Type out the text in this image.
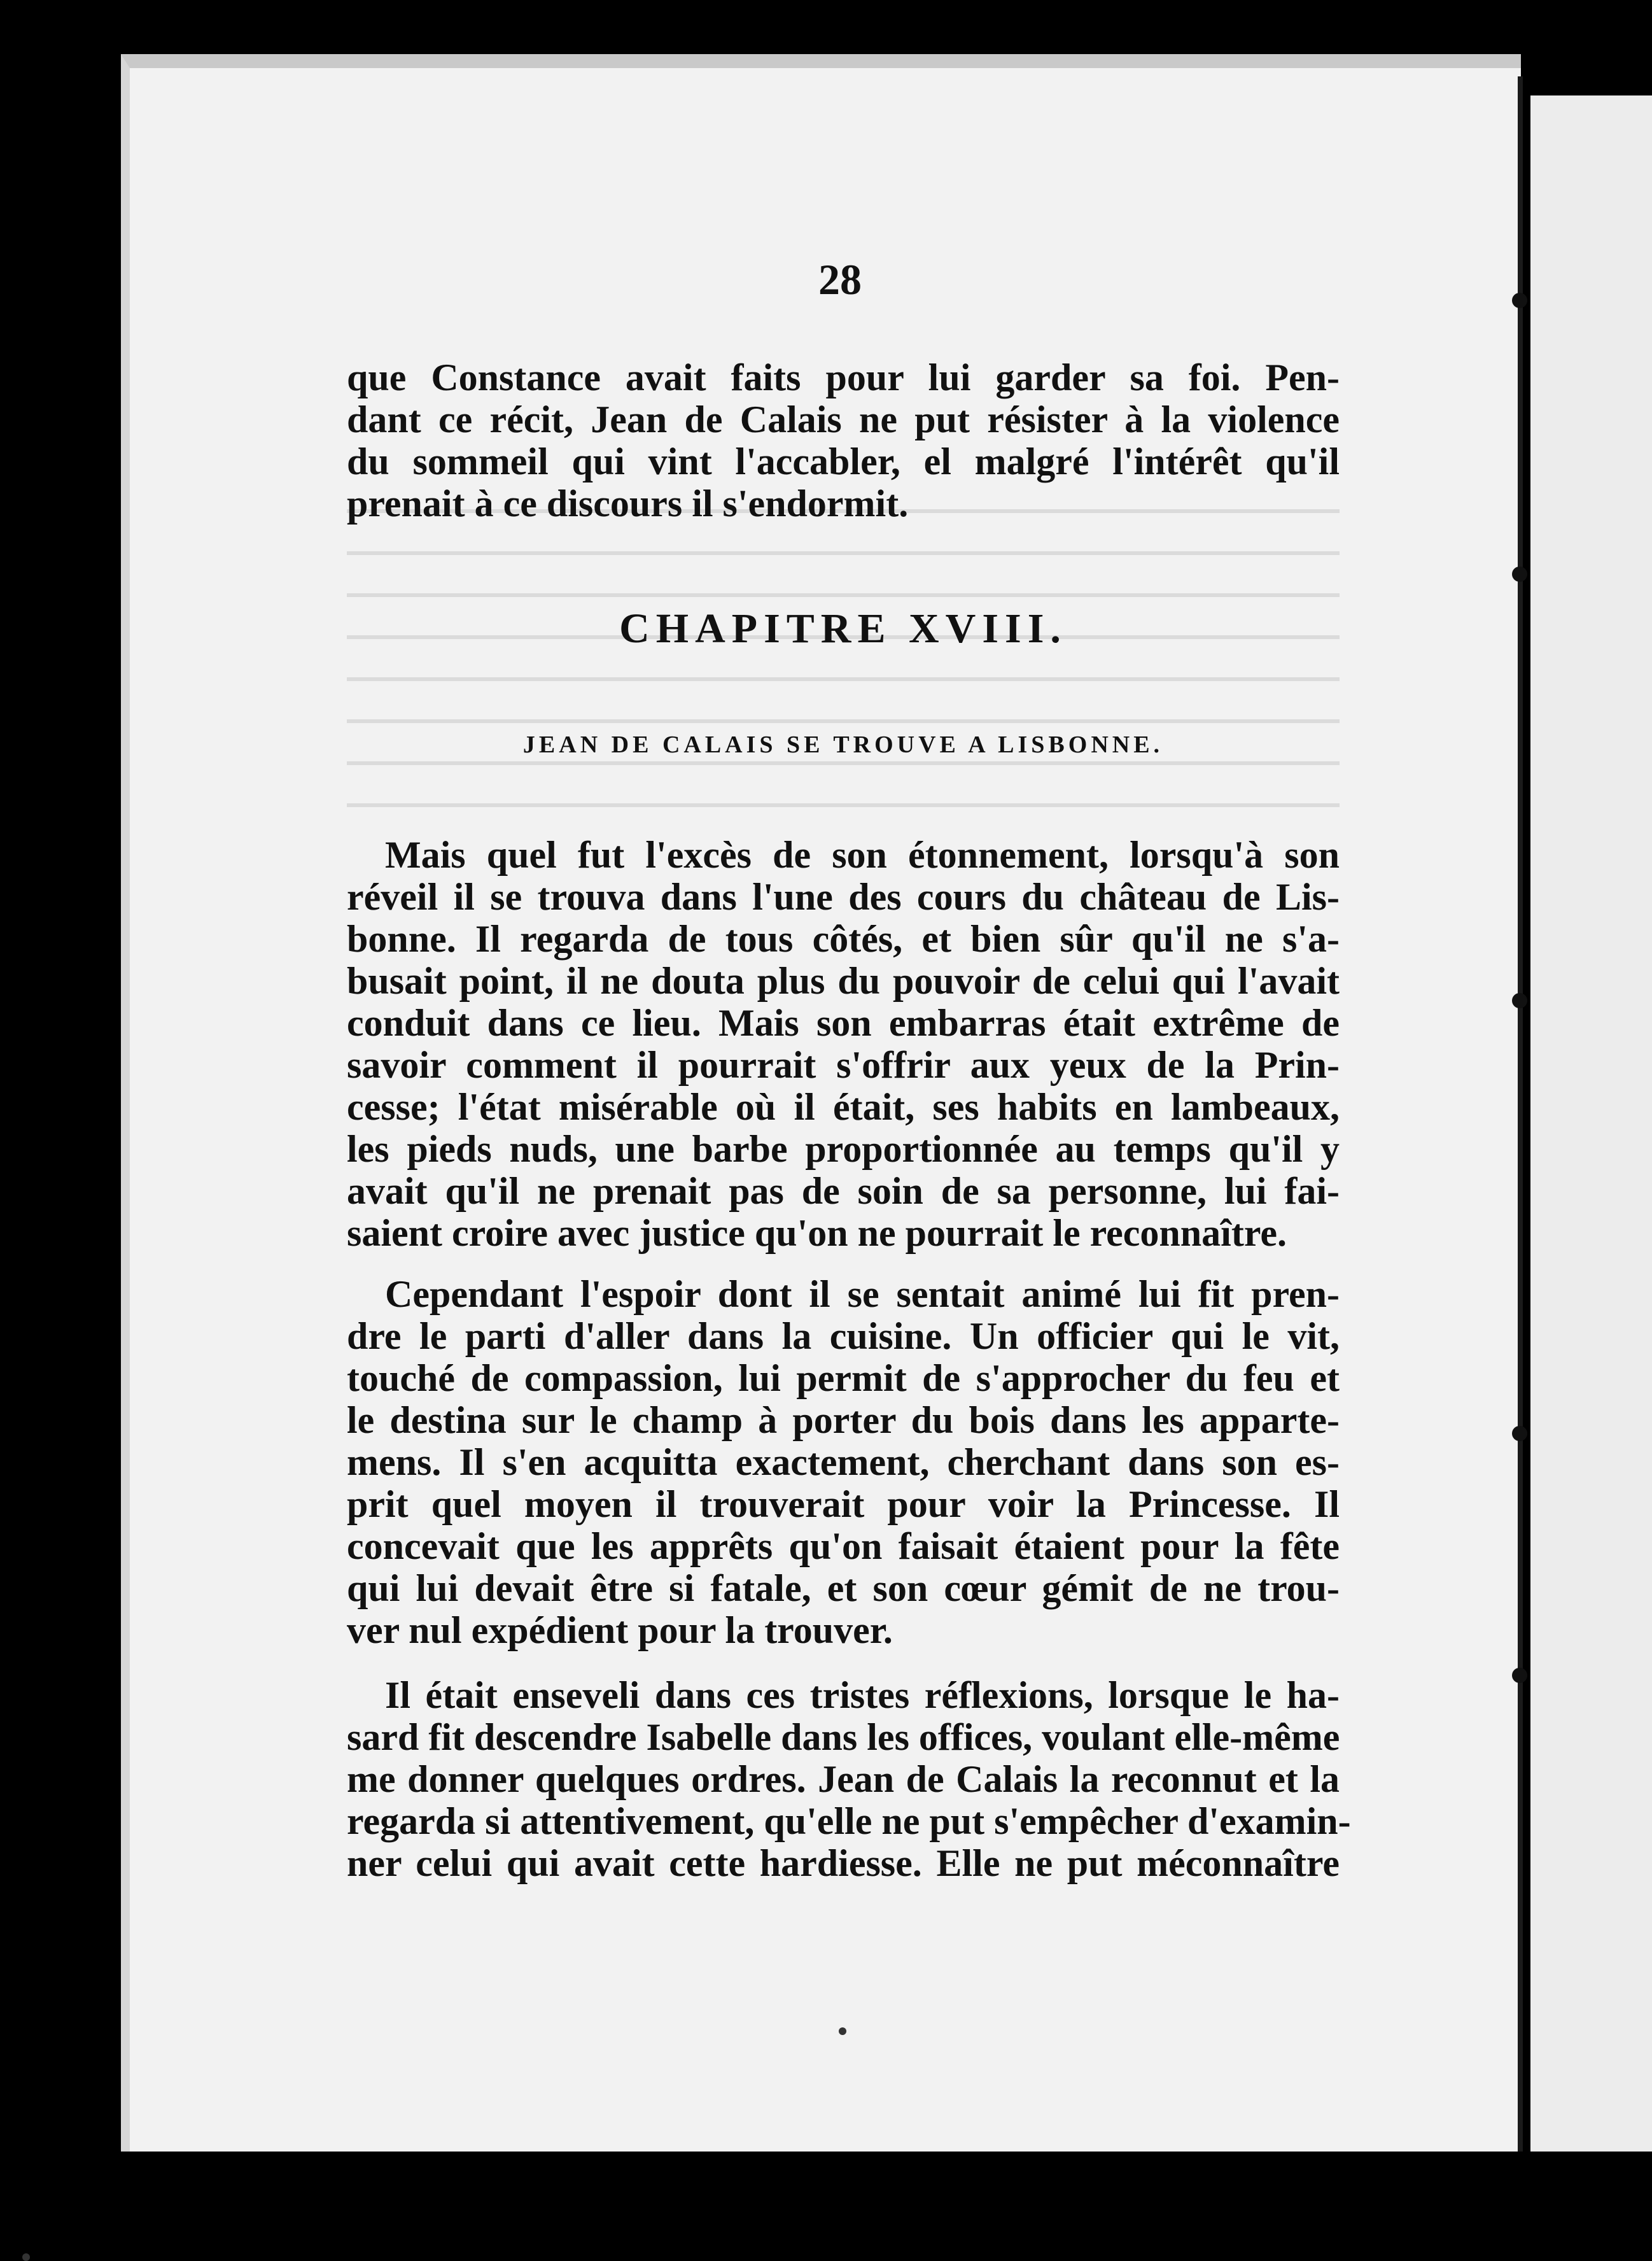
28
que Constance avait faits pour lui garder sa foi. Pen-
dant ce récit, Jean de Calais ne put résister à la violence
du sommeil qui vint l'accabler, el malgré l'intérêt qu'il
prenait à ce discours il s'endormit.
CHAPITRE XVIII.
JEAN DE CALAIS SE TROUVE A LISBONNE.
Mais quel fut l'excès de son étonnement, lorsqu'à son
réveil il se trouva dans l'une des cours du château de Lis-
bonne. Il regarda de tous côtés, et bien sûr qu'il ne s'a-
busait point, il ne douta plus du pouvoir de celui qui l'avait
conduit dans ce lieu. Mais son embarras était extrême de
savoir comment il pourrait s'offrir aux yeux de la Prin-
cesse; l'état misérable où il était, ses habits en lambeaux,
les pieds nuds, une barbe proportionnée au temps qu'il y
avait qu'il ne prenait pas de soin de sa personne, lui fai-
saient croire avec justice qu'on ne pourrait le reconnaître.
Cependant l'espoir dont il se sentait animé lui fit pren-
dre le parti d'aller dans la cuisine. Un officier qui le vit,
touché de compassion, lui permit de s'approcher du feu et
le destina sur le champ à porter du bois dans les apparte-
mens. Il s'en acquitta exactement, cherchant dans son es-
prit quel moyen il trouverait pour voir la Princesse. Il
concevait que les apprêts qu'on faisait étaient pour la fête
qui lui devait être si fatale, et son cœur gémit de ne trou-
ver nul expédient pour la trouver.
Il était enseveli dans ces tristes réflexions, lorsque le ha-
sard fit descendre Isabelle dans les offices, voulant elle-même
me donner quelques ordres. Jean de Calais la reconnut et la
regarda si attentivement, qu'elle ne put s'empêcher d'examin-
ner celui qui avait cette hardiesse. Elle ne put méconnaître
